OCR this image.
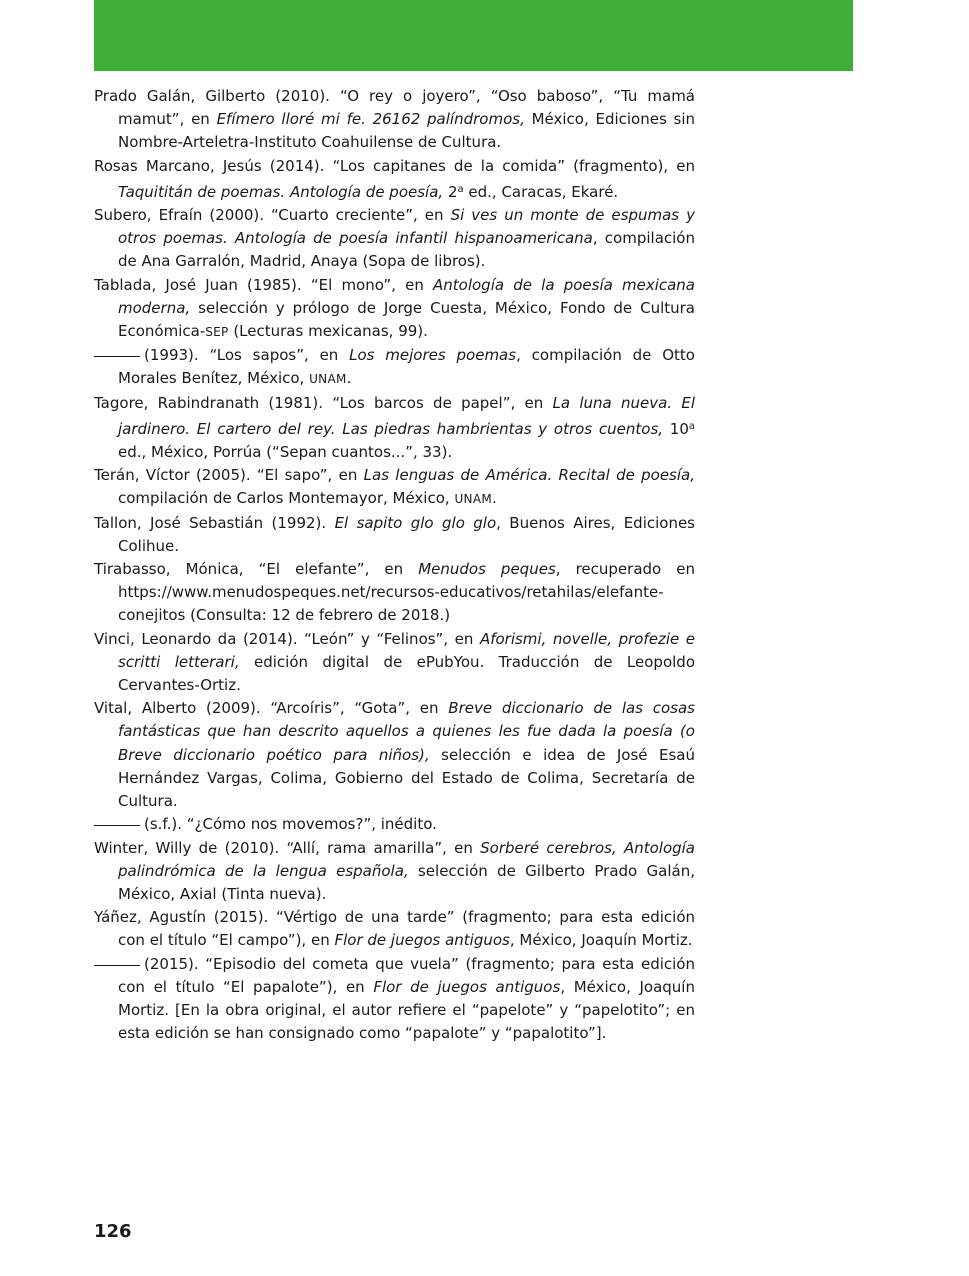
Prado Galán, Gilberto (2010). “O rey o joyero”, “Oso baboso”, “Tu mamá mamut”, en Efímero lloré mi fe. 26162 palíndromos, México, Ediciones sin Nombre-Arteletra-Instituto Coahuilense de Cultura.
Rosas Marcano, Jesús (2014). “Los capitanes de la comida” (fragmento), en Taquititán de poemas. Antología de poesía, 2$^a$ ed., Caracas, Ekaré.
Subero, Efraín (2000). “Cuarto creciente”, en Si ves un monte de espumas y otros poemas. Antología de poesía infantil hispanoamericana, compilación de Ana Garralón, Madrid, Anaya (Sopa de libros).
Tablada, José Juan (1985). “El mono”, en Antología de la poesía mexicana moderna, selección y prólogo de Jorge Cuesta, México, Fondo de Cultura Económica-SEP (Lecturas mexicanas, 99).
(1993). “Los sapos”, en Los mejores poemas, compilación de Otto Morales Benítez, México, UNAM.
Tagore, Rabindranath (1981). “Los barcos de papel”, en La luna nueva. El jardinero. El cartero del rey. Las piedras hambrientas y otros cuentos, 10$^a$ ed., México, Porrúa (“Sepan cuantos...”, 33).
Terán, Víctor (2005). “El sapo”, en Las lenguas de América. Recital de poesía, compilación de Carlos Montemayor, México, UNAM.
Tallon, José Sebastián (1992). El sapito glo glo glo, Buenos Aires, Ediciones Colihue.
Tirabasso, Mónica, “El elefante”, en Menudos peques, recuperado en https://www.menudospeques.net/recursos-educativos/retahilas/elefante-conejitos (Consulta: 12 de febrero de 2018.)
Vinci, Leonardo da (2014). “León” y “Felinos”, en Aforismi, novelle, profezie e scritti letterari, edición digital de ePubYou. Traducción de Leopoldo Cervantes-Ortiz.
Vital, Alberto (2009). “Arcoíris”, “Gota”, en Breve diccionario de las cosas fantásticas que han descrito aquellos a quienes les fue dada la poesía (o Breve diccionario poético para niños), selección e idea de José Esaú Hernández Vargas, Colima, Gobierno del Estado de Colima, Secretaría de Cultura.
(s.f.). “¿Cómo nos movemos?”, inédito.
Winter, Willy de (2010). “Allí, rama amarilla”, en Sorberé cerebros, Antología palindrómica de la lengua española, selección de Gilberto Prado Galán, México, Axial (Tinta nueva).
Yáñez, Agustín (2015). “Vértigo de una tarde” (fragmento; para esta edición con el título “El campo”), en Flor de juegos antiguos, México, Joaquín Mortiz.
(2015). “Episodio del cometa que vuela” (fragmento; para esta edición con el título “El papalote”), en Flor de juegos antiguos, México, Joaquín Mortiz. [En la obra original, el autor refiere el “papelote” y “papelotito”; en esta edición se han consignado como “papalote” y “papalotito”].
126
